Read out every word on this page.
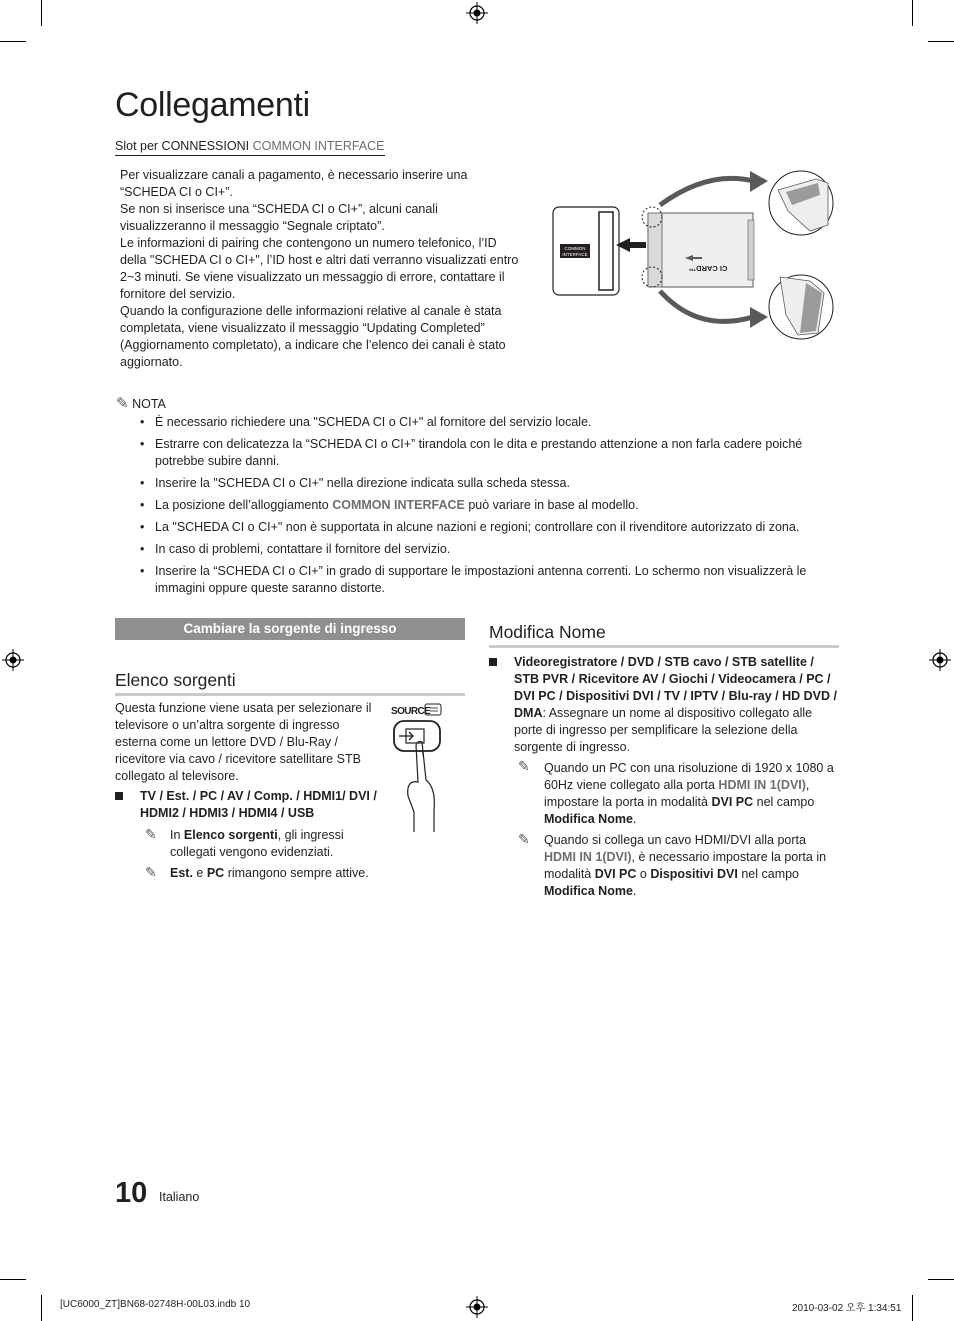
Collegamenti
Slot per CONNESSIONI COMMON INTERFACE

Per visualizzare canali a pagamento, è necessario inserire una “SCHEDA CI o CI+”.

Se non si inserisce una “SCHEDA CI o CI+”, alcuni canali visualizzeranno il messaggio “Segnale criptato”.

Le informazioni di pairing che contengono un numero telefonico, l’ID della "SCHEDA CI o CI+", l’ID host e altri dati verranno visualizzati entro 2~3 minuti. Se viene visualizzato un messaggio di errore, contattare il fornitore del servizio.

Quando la configurazione delle informazioni relative al canale è stata completata, viene visualizzato il messaggio “Updating Completed” (Aggiornamento completato), a indicare che l’elenco dei canali è stato aggiornato.

COMMON
INTERFACE
CI CARD™
✎ NOTA
• È necessario richiedere una "SCHEDA CI o CI+" al fornitore del servizio locale.
• Estrarre con delicatezza la “SCHEDA CI o CI+” tirandola con le dita e prestando attenzione a non farla cadere poiché potrebbe subire danni.
• Inserire la "SCHEDA CI o CI+" nella direzione indicata sulla scheda stessa.
• La posizione dell’alloggiamento COMMON INTERFACE può variare in base al modello.
• La "SCHEDA CI o CI+" non è supportata in alcune nazioni e regioni; controllare con il rivenditore autorizzato di zona.
• In caso di problemi, contattare il fornitore del servizio.
• Inserire la “SCHEDA CI o CI+” in grado di supportare le impostazioni antenna correnti. Lo schermo non visualizzerà le immagini oppure queste saranno distorte.
Cambiare la sorgente di ingresso
Elenco sorgenti
Questa funzione viene usata per selezionare il televisore o un’altra sorgente di ingresso esterna come un lettore DVD / Blu-Ray / ricevitore via cavo / ricevitore satellitare STB collegato al televisore.
SOURCE
TV / Est. / PC / AV / Comp. / HDMI1/ DVI / HDMI2 / HDMI3 / HDMI4 / USB
✎ In Elenco sorgenti, gli ingressi collegati vengono evidenziati.
✎ Est. e PC rimangono sempre attive.
Modifica Nome
Videoregistratore / DVD / STB cavo / STB satellite / STB PVR / Ricevitore AV / Giochi / Videocamera / PC / DVI PC / Dispositivi DVI / TV / IPTV / Blu-ray / HD DVD / DMA: Assegnare un nome al dispositivo collegato alle porte di ingresso per semplificare la selezione della sorgente di ingresso.
✎ Quando un PC con una risoluzione di 1920 x 1080 a 60Hz viene collegato alla porta HDMI IN 1(DVI), impostare la porta in modalità DVI PC nel campo Modifica Nome.
✎ Quando si collega un cavo HDMI/DVI alla porta HDMI IN 1(DVI), è necessario impostare la porta in modalità DVI PC o Dispositivi DVI nel campo Modifica Nome.
10 Italiano
[UC6000_ZT]BN68-02748H-00L03.indb 10	2010-03-02 오후 1:34:51
